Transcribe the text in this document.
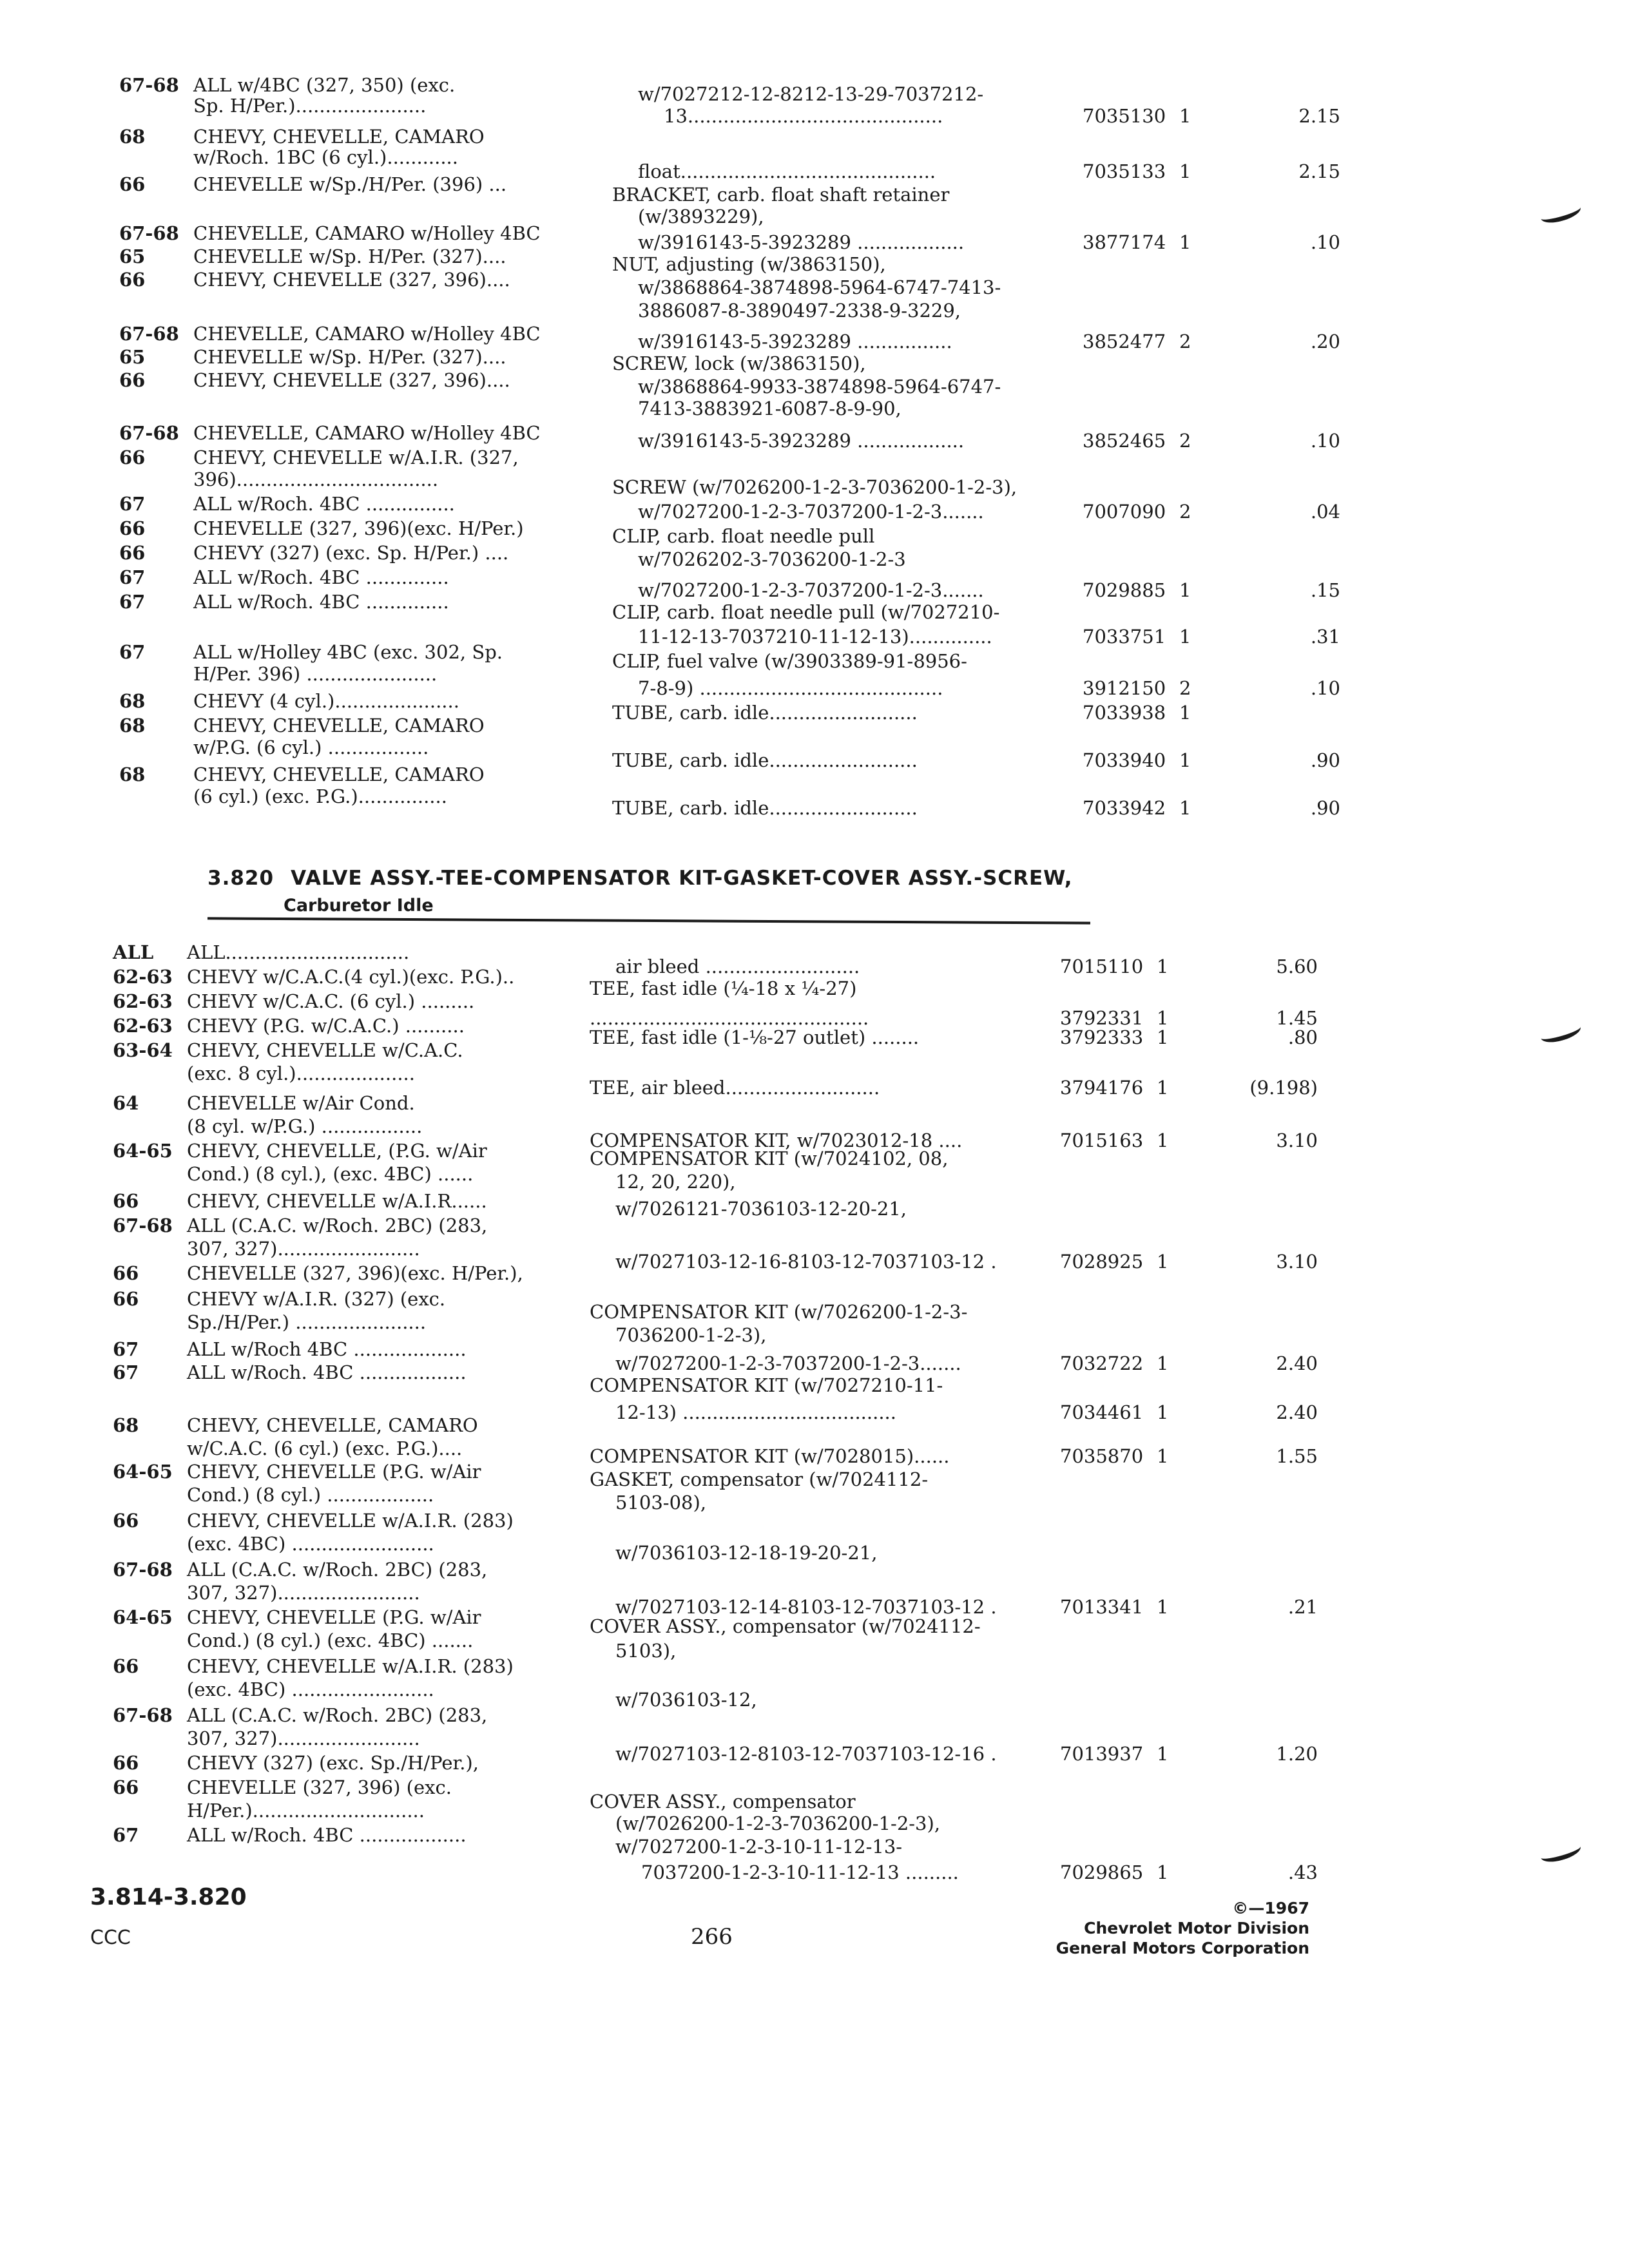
67-68 ALL w/4BC (327, 350) (exc.
Sp. H/Per.)......................
68	CHEVY, CHEVELLE, CAMARO
w/Roch. 1BC (6 cyl.)............
66	CHEVELLE w/Sp./H/Per. (396) ...
67-68 CHEVELLE, CAMARO w/Holley 4BC
65	CHEVELLE w/Sp. H/Per. (327)....
66	CHEVY, CHEVELLE (327, 396)....
67-68 CHEVELLE, CAMARO w/Holley 4BC
65	CHEVELLE w/Sp. H/Per. (327)....
66	CHEVY, CHEVELLE (327, 396)....
67-68 CHEVELLE, CAMARO w/Holley 4BC
66	CHEVY, CHEVELLE w/A.I.R. (327,
396)..................................
67	ALL w/Roch. 4BC ...............
66	CHEVELLE (327, 396)(exc. H/Per.)
66	CHEVY (327) (exc. Sp. H/Per.) ....
67	ALL w/Roch. 4BC ..............
67	ALL w/Roch. 4BC ..............
67	ALL w/Holley 4BC (exc. 302, Sp.
H/Per. 396) ......................
68	CHEVY (4 cyl.).....................
68	CHEVY, CHEVELLE, CAMARO
w/P.G. (6 cyl.) .................
68	CHEVY, CHEVELLE, CAMARO
(6 cyl.) (exc. P.G.)...............
w/7027212-12-8212-13-29-7037212-
13...........................................	7035130 1	2.15
float...........................................	7035133 1	2.15
BRACKET, carb. float shaft retainer
(w/3893229),
w/3916143-5-3923289 ..................	3877174 1	.10
NUT, adjusting (w/3863150),
w/3868864-3874898-5964-6747-7413-
3886087-8-3890497-2338-9-3229,
w/3916143-5-3923289 ................	3852477 2	.20
SCREW, lock (w/3863150),
w/3868864-9933-3874898-5964-6747-
7413-3883921-6087-8-9-90,
w/3916143-5-3923289 ..................	3852465 2	.10
SCREW (w/7026200-1-2-3-7036200-1-2-3),
w/7027200-1-2-3-7037200-1-2-3.......	7007090 2	.04
CLIP, carb. float needle pull
w/7026202-3-7036200-1-2-3
w/7027200-1-2-3-7037200-1-2-3.......	7029885 1	.15
CLIP, carb. float needle pull (w/7027210-
11-12-13-7037210-11-12-13)..............	7033751 1	.31
CLIP, fuel valve (w/3903389-91-8956-
7-8-9) .........................................	3912150 2	.10
TUBE, carb. idle.........................	7033938 1
TUBE, carb. idle.........................	7033940 1	.90
TUBE, carb. idle.........................	7033942 1	.90
3.820 VALVE ASSY.-TEE-COMPENSATOR KIT-GASKET-COVER ASSY.-SCREW,
Carburetor Idle
ALL ALL...............................
62-63 CHEVY w/C.A.C.(4 cyl.)(exc. P.G.)..
62-63 CHEVY w/C.A.C. (6 cyl.) .........
62-63 CHEVY (P.G. w/C.A.C.) ..........
63-64 CHEVY, CHEVELLE w/C.A.C.
(exc. 8 cyl.)....................
64	CHEVELLE w/Air Cond.
(8 cyl. w/P.G.) .................
64-65 CHEVY, CHEVELLE, (P.G. w/Air
Cond.) (8 cyl.), (exc. 4BC) ......
66	CHEVY, CHEVELLE w/A.I.R......
67-68 ALL (C.A.C. w/Roch. 2BC) (283,
307, 327)........................
66	CHEVELLE (327, 396)(exc. H/Per.),
66	CHEVY w/A.I.R. (327) (exc.
Sp./H/Per.) ......................
67	ALL w/Roch 4BC ...................
67	ALL w/Roch. 4BC ..................
68	CHEVY, CHEVELLE, CAMARO
w/C.A.C. (6 cyl.) (exc. P.G.)....
64-65 CHEVY, CHEVELLE (P.G. w/Air
Cond.) (8 cyl.) ..................
66	CHEVY, CHEVELLE w/A.I.R. (283)
(exc. 4BC) ........................
67-68 ALL (C.A.C. w/Roch. 2BC) (283,
307, 327)........................
64-65 CHEVY, CHEVELLE (P.G. w/Air
Cond.) (8 cyl.) (exc. 4BC) .......
66	CHEVY, CHEVELLE w/A.I.R. (283)
(exc. 4BC) ........................
67-68 ALL (C.A.C. w/Roch. 2BC) (283,
307, 327)........................
66	CHEVY (327) (exc. Sp./H/Per.),
66	CHEVELLE (327, 396) (exc.
H/Per.).............................
67	ALL w/Roch. 4BC ..................
air bleed ..........................	7015110 1	5.60
TEE, fast idle (¼-18 x ¼-27)
...............................................	3792331 1	1.45
TEE, fast idle (1-⅛-27 outlet) ........	3792333 1	.80
TEE, air bleed..........................	3794176 1	(9.198)
COMPENSATOR KIT, w/7023012-18 ....	7015163 1	3.10
COMPENSATOR KIT (w/7024102, 08,
12, 20, 220),
w/7026121-7036103-12-20-21,
w/7027103-12-16-8103-12-7037103-12 .	7028925 1	3.10
COMPENSATOR KIT (w/7026200-1-2-3-
7036200-1-2-3),
w/7027200-1-2-3-7037200-1-2-3.......	7032722 1	2.40
COMPENSATOR KIT (w/7027210-11-
12-13) ....................................	7034461 1	2.40
COMPENSATOR KIT (w/7028015)......	7035870 1	1.55
GASKET, compensator (w/7024112-
5103-08),
w/7036103-12-18-19-20-21,
w/7027103-12-14-8103-12-7037103-12 .	7013341 1	.21
COVER ASSY., compensator (w/7024112-
5103),
w/7036103-12,
w/7027103-12-8103-12-7037103-12-16 .	7013937 1	1.20
COVER ASSY., compensator
(w/7026200-1-2-3-7036200-1-2-3),
w/7027200-1-2-3-10-11-12-13-
7037200-1-2-3-10-11-12-13 .........	7029865 1	.43
3.814-3.820
CCC	266
©—1967
Chevrolet Motor Division
General Motors Corporation
